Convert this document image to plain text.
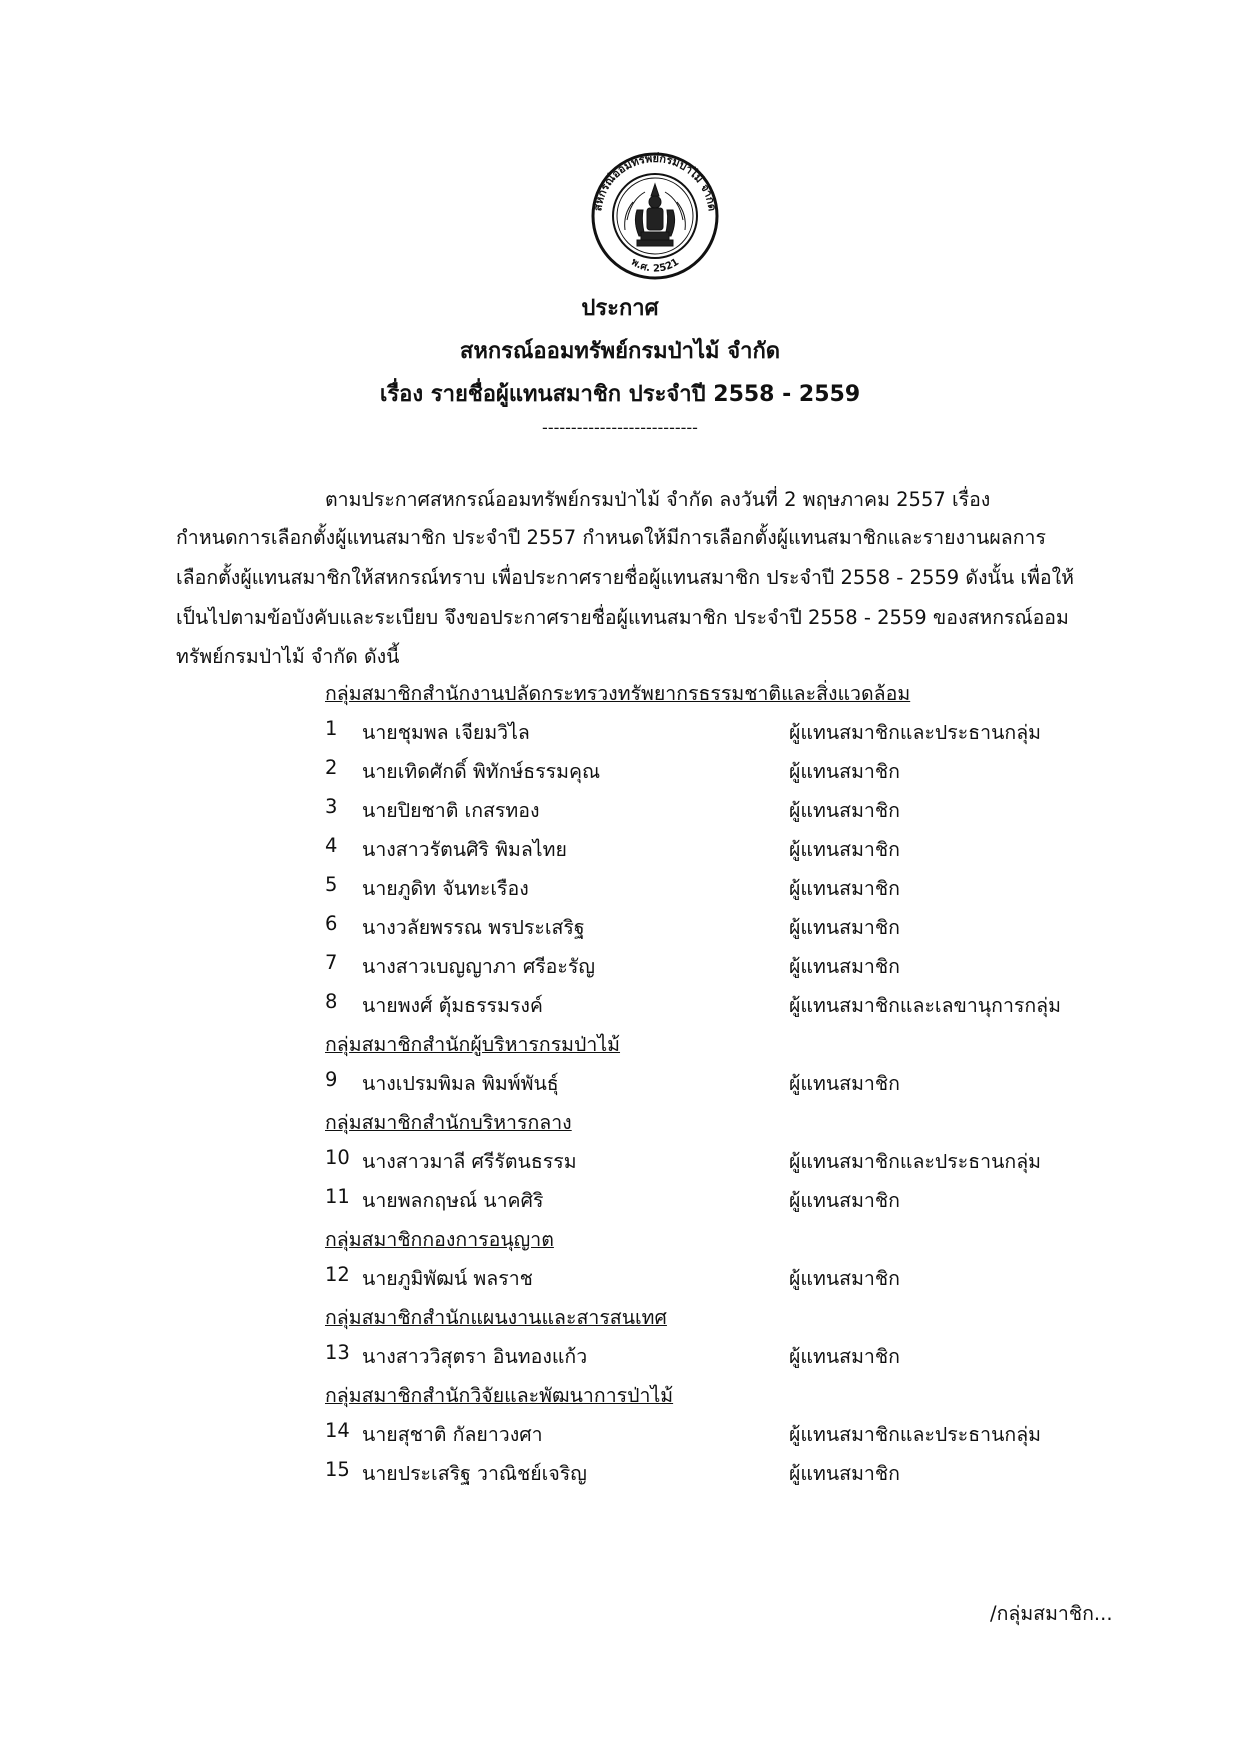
สหกรณ์ออมทรัพย์กรมป่าไม้ จำกัด
พ.ศ. 2521
ประกาศ
สหกรณ์ออมทรัพย์กรมป่าไม้ จำกัด
เรื่อง รายชื่อผู้แทนสมาชิก ประจำปี 2558 - 2559
---------------------------
ตามประกาศสหกรณ์ออมทรัพย์กรมป่าไม้ จำกัด ลงวันที่ 2 พฤษภาคม 2557 เรื่อง
กำหนดการเลือกตั้งผู้แทนสมาชิก ประจำปี 2557 กำหนดให้มีการเลือกตั้งผู้แทนสมาชิกและรายงานผลการ
เลือกตั้งผู้แทนสมาชิกให้สหกรณ์ทราบ เพื่อประกาศรายชื่อผู้แทนสมาชิก ประจำปี 2558 - 2559 ดังนั้น เพื่อให้
เป็นไปตามข้อบังคับและระเบียบ จึงขอประกาศรายชื่อผู้แทนสมาชิก ประจำปี 2558 - 2559 ของสหกรณ์ออม
ทรัพย์กรมป่าไม้ จำกัด ดังนี้
กลุ่มสมาชิกสำนักงานปลัดกระทรวงทรัพยากรธรรมชาติและสิ่งแวดล้อม
1 นายชุมพล เจียมวิไล	ผู้แทนสมาชิกและประธานกลุ่ม
2 นายเทิดศักดิ์ พิทักษ์ธรรมคุณ	ผู้แทนสมาชิก
3 นายปิยชาติ เกสรทอง	ผู้แทนสมาชิก
4 นางสาวรัตนศิริ พิมลไทย	ผู้แทนสมาชิก
5 นายภูดิท จันทะเรือง	ผู้แทนสมาชิก
6 นางวลัยพรรณ พรประเสริฐ	ผู้แทนสมาชิก
7 นางสาวเบญญาภา ศรีอะรัญ	ผู้แทนสมาชิก
8 นายพงศ์ ตุ้มธรรมรงค์	ผู้แทนสมาชิกและเลขานุการกลุ่ม
กลุ่มสมาชิกสำนักผู้บริหารกรมป่าไม้
9 นางเปรมพิมล พิมพ์พันธุ์	ผู้แทนสมาชิก
กลุ่มสมาชิกสำนักบริหารกลาง
10 นางสาวมาลี ศรีรัตนธรรม	ผู้แทนสมาชิกและประธานกลุ่ม
11 นายพลกฤษณ์ นาคศิริ	ผู้แทนสมาชิก
กลุ่มสมาชิกกองการอนุญาต
12 นายภูมิพัฒน์ พลราช	ผู้แทนสมาชิก
กลุ่มสมาชิกสำนักแผนงานและสารสนเทศ
13 นางสาววิสุตรา อินทองแก้ว	ผู้แทนสมาชิก
กลุ่มสมาชิกสำนักวิจัยและพัฒนาการป่าไม้
14 นายสุชาติ กัลยาวงศา	ผู้แทนสมาชิกและประธานกลุ่ม
15 นายประเสริฐ วาณิชย์เจริญ	ผู้แทนสมาชิก
/กลุ่มสมาชิก...
